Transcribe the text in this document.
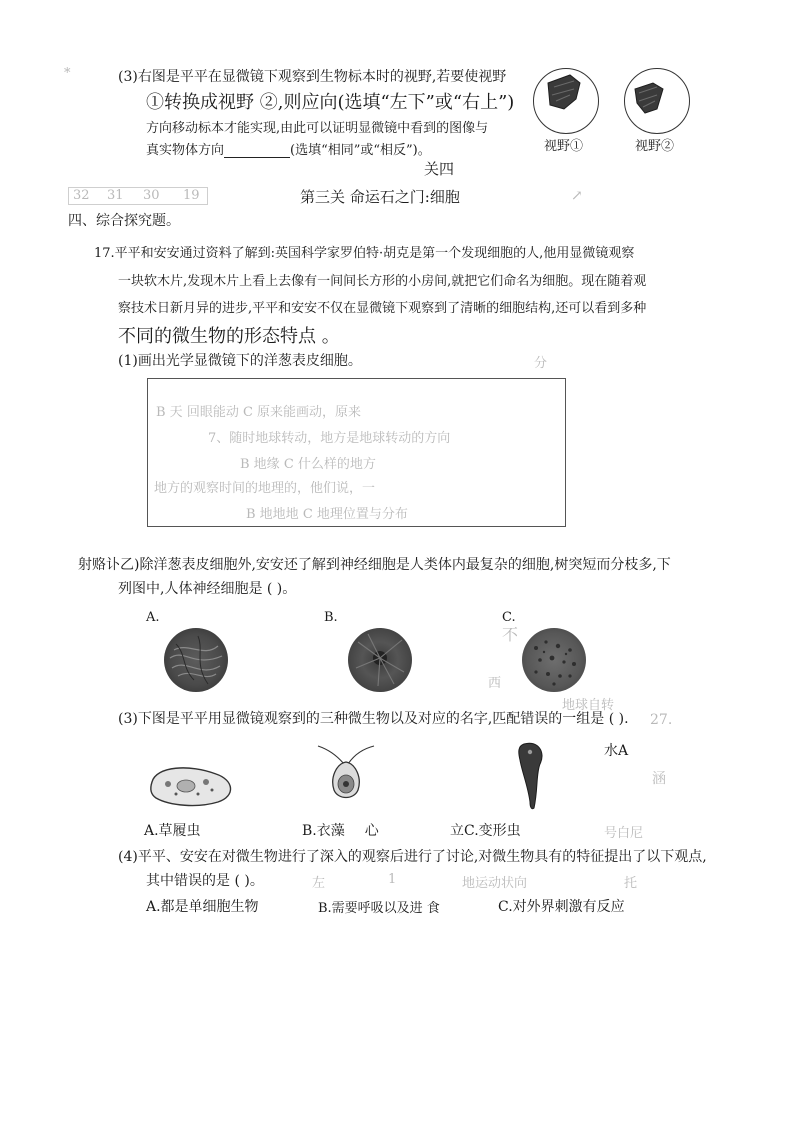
*	(3)右图是平平在显微镜下观察到生物标本时的视野,若要使视野
①转换成视野 ②,则应向(选填“左下”或“右上”)
方向移动标本才能实现,由此可以证明显微镜中看到的图像与
真实物体方向	(选填“相同”或“相反”)。	视野①	视野②
关四
第三关 命运石之门:细胞	↗
32 31 30 19
四、综合探究题。
17.平平和安安通过资料了解到:英国科学家罗伯特·胡克是第一个发现细胞的人,他用显微镜观察
一块软木片,发现木片上看上去像有一间间长方形的小房间,就把它们命名为细胞。现在随着观
察技术日新月异的进步,平平和安安不仅在显微镜下观察到了清晰的细胞结构,还可以看到多种
不同的微生物的形态特点 。
(1)画出光学显微镜下的洋葱表皮细胞。	分
B 天 回眼能动 C 原来能画动，原来
7、随时地球转动，地方是地球转动的方向
B 地缘 C 什么样的地方
地方的观察时间的地理的，他们说，一
B 地地地 C 地理位置与分布
射赂讣乙)除洋葱表皮细胞外,安安还了解到神经细胞是人类体内最复杂的细胞,树突短而分枝多,下
列图中,人体神经细胞是 ( )。
A.	B.	C.
不
西
地球自转
(3)下图是平平用显微镜观察到的三种微生物以及对应的名字,匹配错误的一组是 ( ). 27.
水A
涵
A.草履虫	B.衣藻 心	立C.变形虫	号白尼
(4)平平、安安在对微生物进行了深入的观察后进行了讨论,对微生物具有的特征提出了以下观点,
其中错误的是 ( )。	左	1	地运动状向	托
A.都是单细胞生物	B.需要呼吸以及进 食	C.对外界刺激有反应
